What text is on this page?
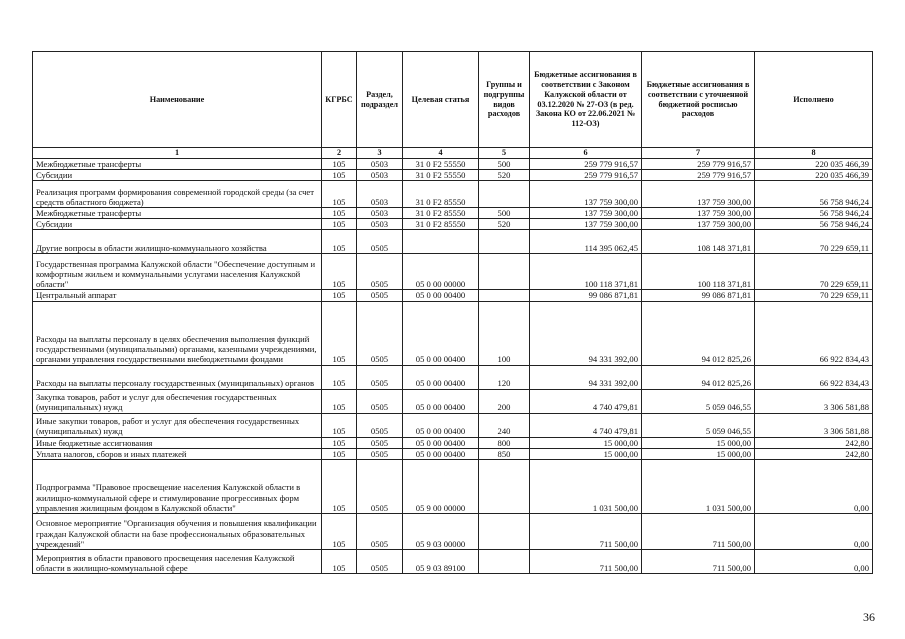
Наименование	КГРБС	Раздел, подраздел	Целевая статья	Группы и подгруппы видов расходов	Бюджетные ассигнования в соответствии с Законом Калужской области от 03.12.2020 № 27-ОЗ (в ред. Закона КО от 22.06.2021 № 112-ОЗ)	Бюджетные ассигнования в соответствии с уточненной бюджетной росписью расходов	Исполнено
1	2	3	4	5	6	7	8
Межбюджетные трансферты	105	0503	31 0 F2 55550	500	259 779 916,57	259 779 916,57	220 035 466,39
Субсидии	105	0503	31 0 F2 55550	520	259 779 916,57	259 779 916,57	220 035 466,39
Реализация программ формирования современной городской среды (за счет средств областного бюджета)	105	0503	31 0 F2 85550		137 759 300,00	137 759 300,00	56 758 946,24
Межбюджетные трансферты	105	0503	31 0 F2 85550	500	137 759 300,00	137 759 300,00	56 758 946,24
Субсидии	105	0503	31 0 F2 85550	520	137 759 300,00	137 759 300,00	56 758 946,24
Другие вопросы в области жилищно-коммунального хозяйства	105	0505			114 395 062,45	108 148 371,81	70 229 659,11
Государственная программа Калужской области "Обеспечение доступным и комфортным жильем и коммунальными услугами населения Калужской области"	105	0505	05 0 00 00000		100 118 371,81	100 118 371,81	70 229 659,11
Центральный аппарат	105	0505	05 0 00 00400		99 086 871,81	99 086 871,81	70 229 659,11
Расходы на выплаты персоналу в целях обеспечения выполнения функций государственными (муниципальными) органами, казенными учреждениями, органами управления государственными внебюджетными фондами	105	0505	05 0 00 00400	100	94 331 392,00	94 012 825,26	66 922 834,43
Расходы на выплаты персоналу государственных (муниципальных) органов	105	0505	05 0 00 00400	120	94 331 392,00	94 012 825,26	66 922 834,43
Закупка товаров, работ и услуг для обеспечения государственных (муниципальных) нужд	105	0505	05 0 00 00400	200	4 740 479,81	5 059 046,55	3 306 581,88
Иные закупки товаров, работ и услуг для обеспечения государственных (муниципальных) нужд	105	0505	05 0 00 00400	240	4 740 479,81	5 059 046,55	3 306 581,88
Иные бюджетные ассигнования	105	0505	05 0 00 00400	800	15 000,00	15 000,00	242,80
Уплата налогов, сборов и иных платежей	105	0505	05 0 00 00400	850	15 000,00	15 000,00	242,80
Подпрограмма "Правовое просвещение населения Калужской области в жилищно-коммунальной сфере и стимулирование прогрессивных форм управления жилищным фондом в Калужской области"	105	0505	05 9 00 00000		1 031 500,00	1 031 500,00	0,00
Основное мероприятие "Организация обучения и повышения квалификации граждан Калужской области на базе профессиональных образовательных учреждений"	105	0505	05 9 03 00000		711 500,00	711 500,00	0,00
Мероприятия в области правового просвещения населения Калужской области в жилищно-коммунальной сфере	105	0505	05 9 03 89100		711 500,00	711 500,00	0,00
36
